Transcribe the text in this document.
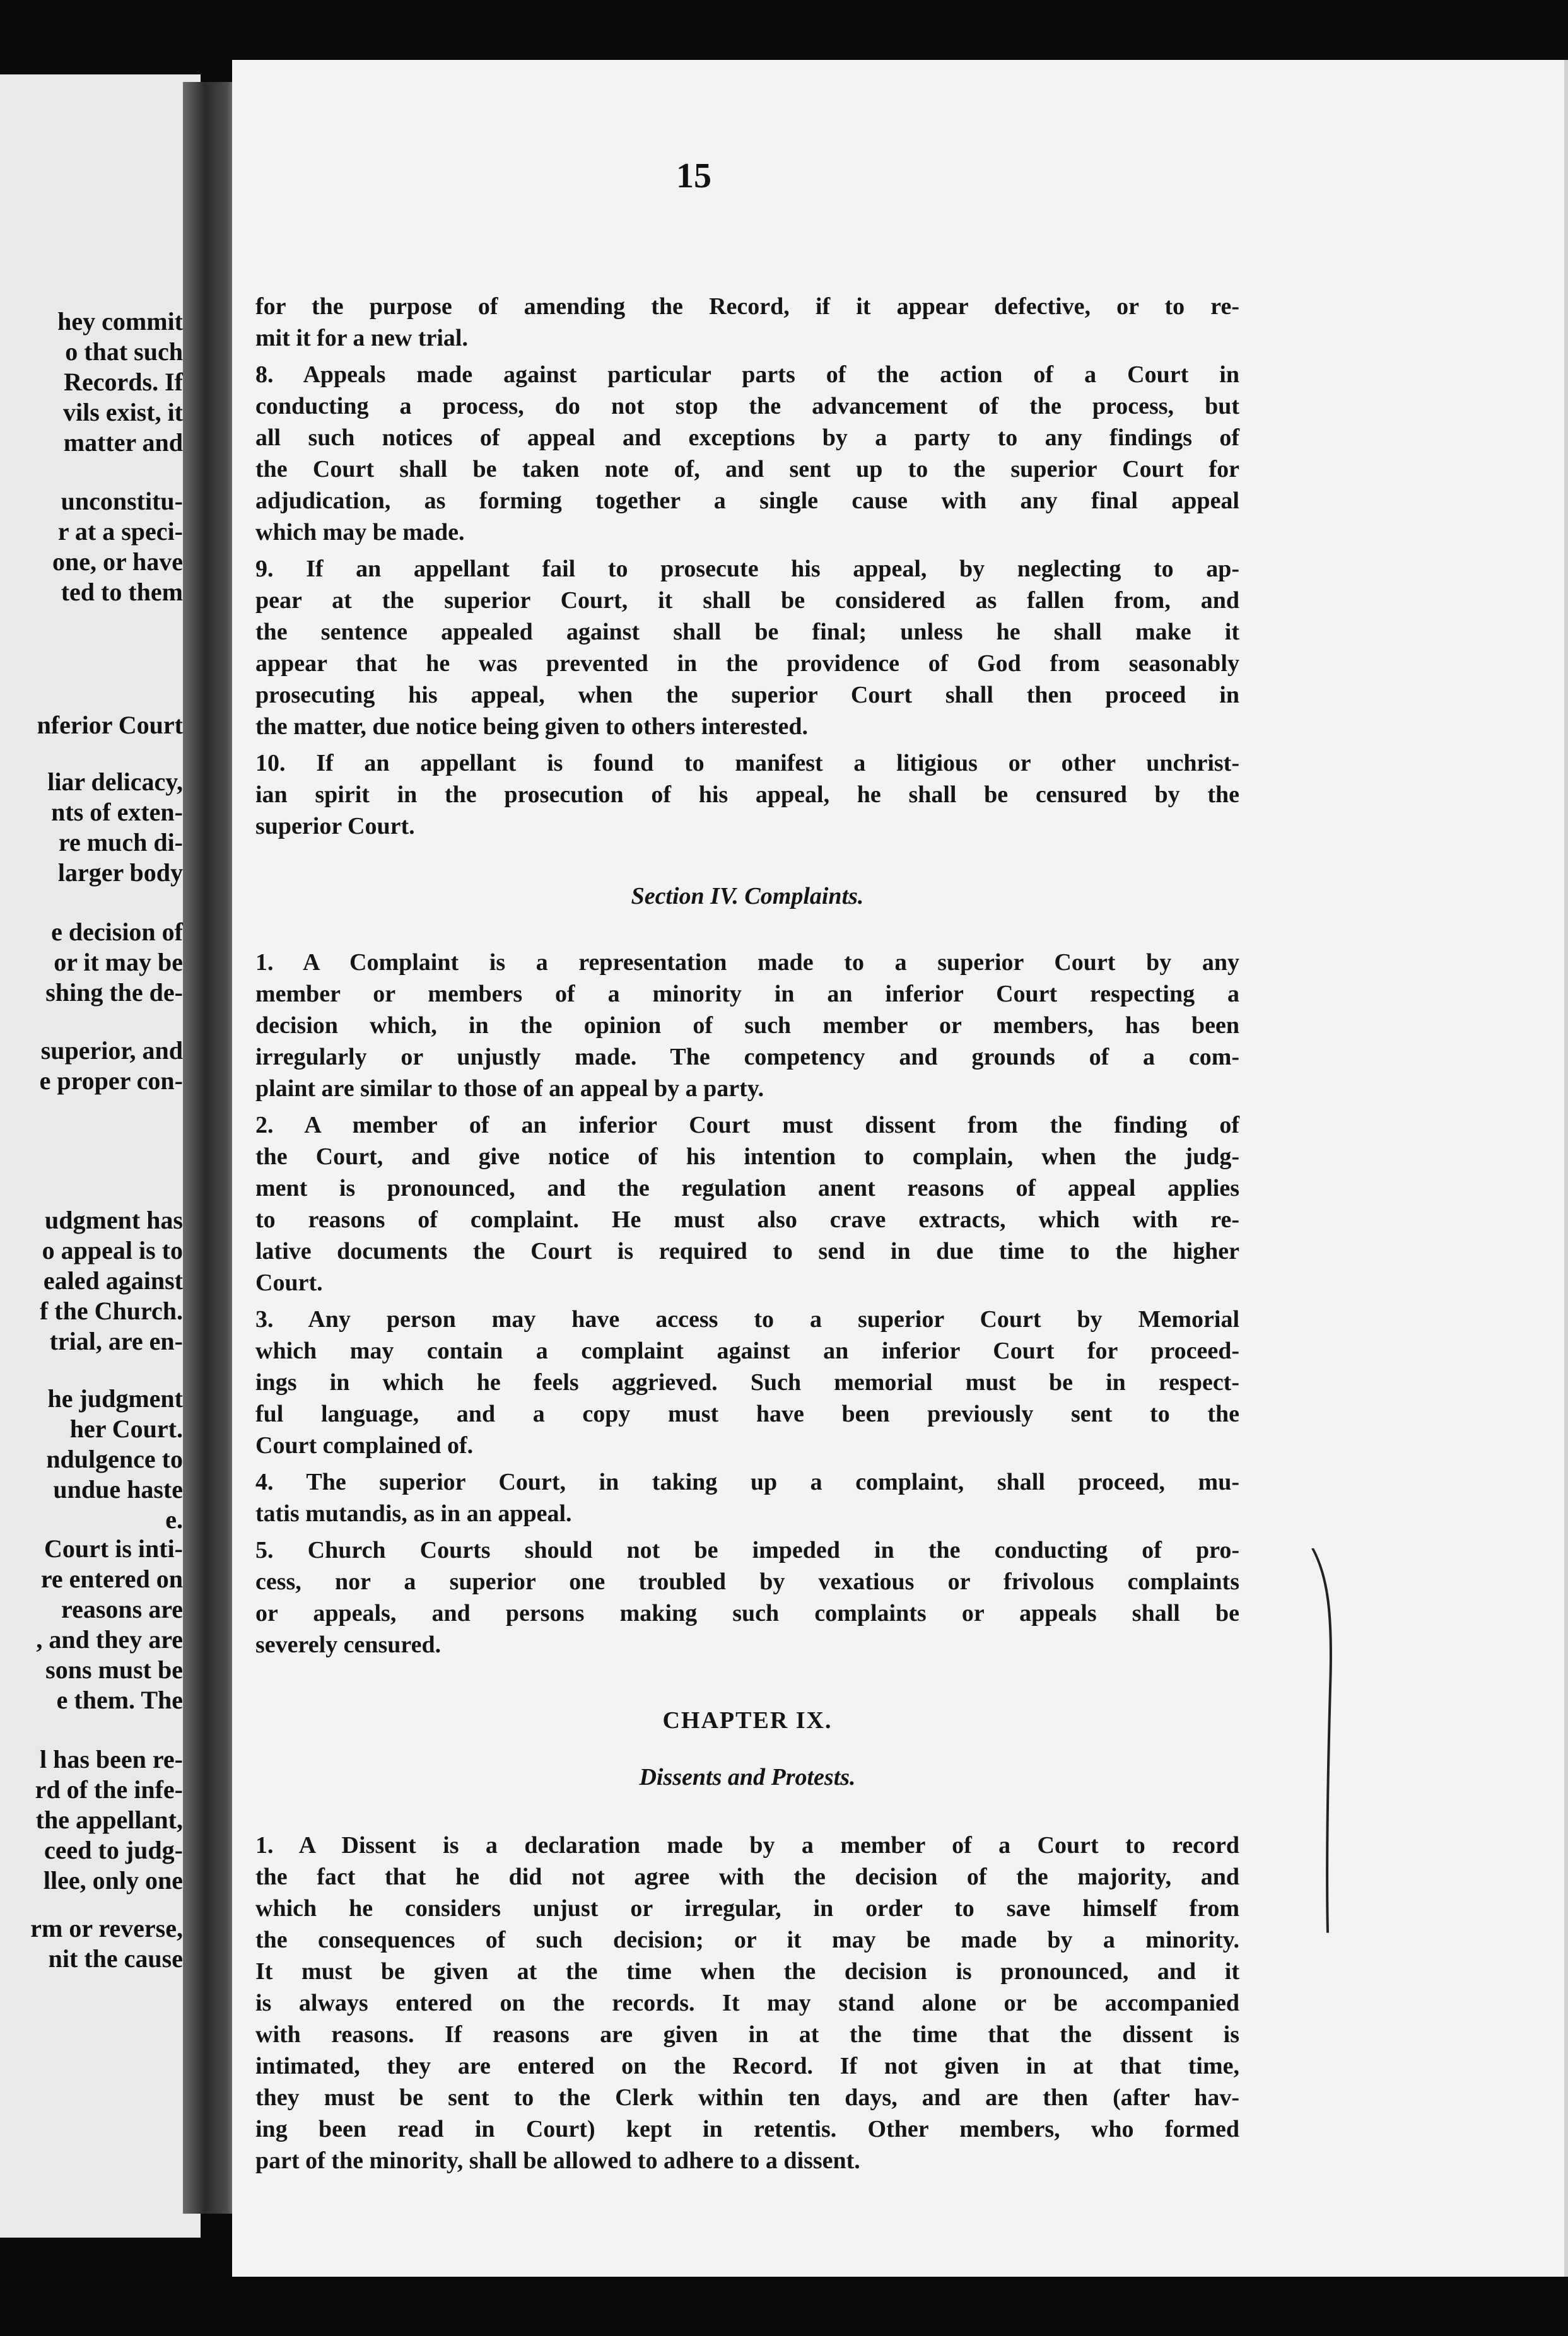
hey commit
o that such
Records. If
vils exist, it
matter and
unconstitu-
r at a speci-
one, or have
ted to them
nferior Court
liar delicacy,
nts of exten-
re much di-
larger body
e decision of
or it may be
shing the de-
superior, and
e proper con-
udgment has
o appeal is to
ealed against
f the Church.
trial, are en-
he judgment
her Court.
ndulgence to
undue haste
e.
Court is inti-
re entered on
reasons are
, and they are
sons must be
e them. The
l has been re-
rd of the infe-
the appellant,
ceed to judg-
llee, only one
rm or reverse,
nit the cause
15
for the purpose of amending the Record, if it appear defective, or to re-
mit it for a new trial.
8. Appeals made against particular parts of the action of a Court in
conducting a process, do not stop the advancement of the process, but
all such notices of appeal and exceptions by a party to any findings of
the Court shall be taken note of, and sent up to the superior Court for
adjudication, as forming together a single cause with any final appeal
which may be made.
9. If an appellant fail to prosecute his appeal, by neglecting to ap-
pear at the superior Court, it shall be considered as fallen from, and
the sentence appealed against shall be final; unless he shall make it
appear that he was prevented in the providence of God from seasonably
prosecuting his appeal, when the superior Court shall then proceed in
the matter, due notice being given to others interested.
10. If an appellant is found to manifest a litigious or other unchrist-
ian spirit in the prosecution of his appeal, he shall be censured by the
superior Court.
Section IV. Complaints.
1. A Complaint is a representation made to a superior Court by any
member or members of a minority in an inferior Court respecting a
decision which, in the opinion of such member or members, has been
irregularly or unjustly made. The competency and grounds of a com-
plaint are similar to those of an appeal by a party.
2. A member of an inferior Court must dissent from the finding of
the Court, and give notice of his intention to complain, when the judg-
ment is pronounced, and the regulation anent reasons of appeal applies
to reasons of complaint. He must also crave extracts, which with re-
lative documents the Court is required to send in due time to the higher
Court.
3. Any person may have access to a superior Court by Memorial
which may contain a complaint against an inferior Court for proceed-
ings in which he feels aggrieved. Such memorial must be in respect-
ful language, and a copy must have been previously sent to the
Court complained of.
4. The superior Court, in taking up a complaint, shall proceed, mu-
tatis mutandis, as in an appeal.
5. Church Courts should not be impeded in the conducting of pro-
cess, nor a superior one troubled by vexatious or frivolous complaints
or appeals, and persons making such complaints or appeals shall be
severely censured.
CHAPTER IX.
Dissents and Protests.
1. A Dissent is a declaration made by a member of a Court to record
the fact that he did not agree with the decision of the majority, and
which he considers unjust or irregular, in order to save himself from
the consequences of such decision; or it may be made by a minority.
It must be given at the time when the decision is pronounced, and it
is always entered on the records. It may stand alone or be accompanied
with reasons. If reasons are given in at the time that the dissent is
intimated, they are entered on the Record. If not given in at that time,
they must be sent to the Clerk within ten days, and are then (after hav-
ing been read in Court) kept in retentis. Other members, who formed
part of the minority, shall be allowed to adhere to a dissent.
